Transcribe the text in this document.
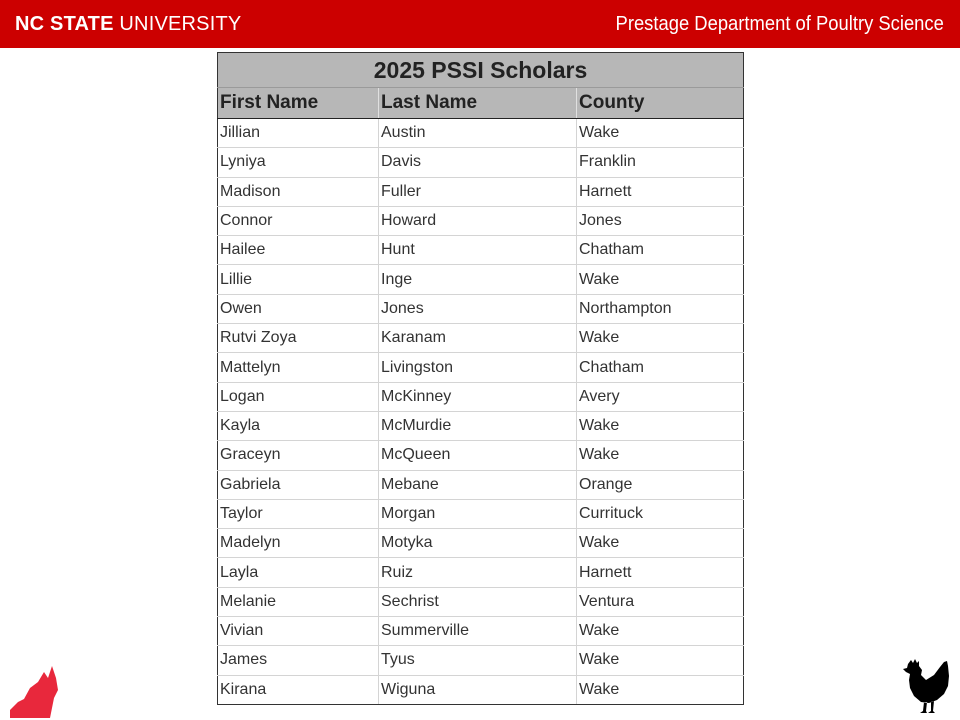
NC STATE UNIVERSITY	Prestage Department of Poultry Science
2025 PSSI Scholars		
First Name	Last Name	County
Jillian	Austin	Wake
Lyniya	Davis	Franklin
Madison	Fuller	Harnett
Connor	Howard	Jones
Hailee	Hunt	Chatham
Lillie	Inge	Wake
Owen	Jones	Northampton
Rutvi Zoya	Karanam	Wake
Mattelyn	Livingston	Chatham
Logan	McKinney	Avery
Kayla	McMurdie	Wake
Graceyn	McQueen	Wake
Gabriela	Mebane	Orange
Taylor	Morgan	Currituck
Madelyn	Motyka	Wake
Layla	Ruiz	Harnett
Melanie	Sechrist	Ventura
Vivian	Summerville	Wake
James	Tyus	Wake
Kirana	Wiguna	Wake
